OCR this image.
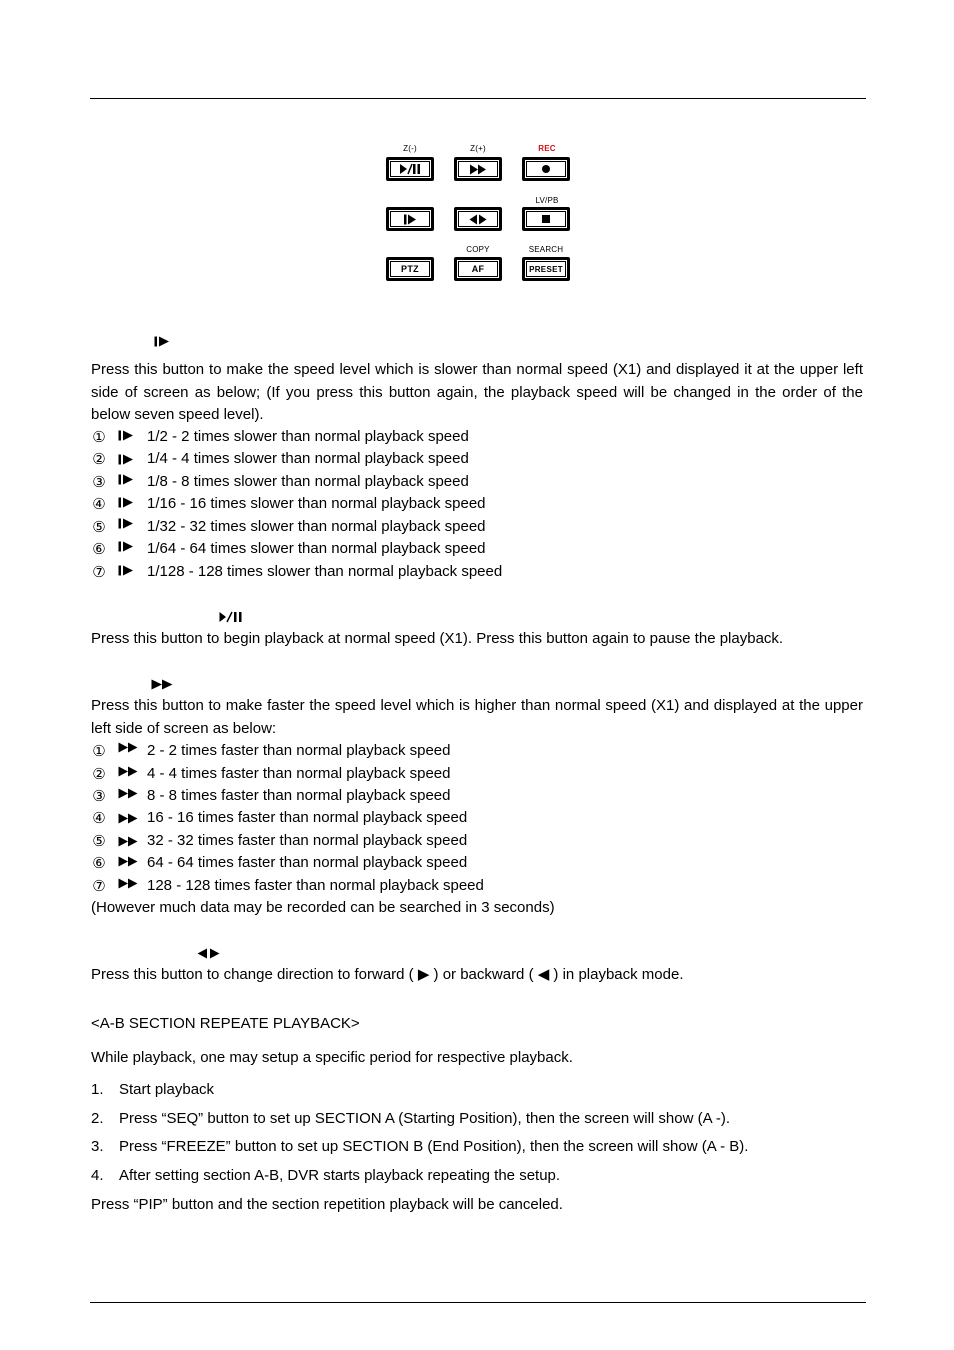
Z(-)	Z(+)	REC
LV/PB
PTZ
COPY
AF
SEARCH
PRESET

Press this button to make the speed level which is slower than normal speed (X1) and displayed it at the upper left side of screen as below; (If you press this button again, the playback speed will be changed in the order of the below seven speed level).

①	1/2 - 2 times slower than normal playback speed
②	1/4 - 4 times slower than normal playback speed
③	1/8 - 8 times slower than normal playback speed
④	1/16 - 16 times slower than normal playback speed
⑤	1/32 - 32 times slower than normal playback speed
⑥	1/64 - 64 times slower than normal playback speed
⑦	1/128 - 128 times slower than normal playback speed

Press this button to begin playback at normal speed (X1). Press this button again to pause the playback.

Press this button to make faster the speed level which is higher than normal speed (X1) and displayed at the upper left side of screen as below:

①	2 - 2 times faster than normal playback speed
②	4 - 4 times faster than normal playback speed
③	8 - 8 times faster than normal playback speed
④	16 - 16 times faster than normal playback speed
⑤	32 - 32 times faster than normal playback speed
⑥	64 - 64 times faster than normal playback speed
⑦	128 - 128 times faster than normal playback speed
(However much data may be recorded can be searched in 3 seconds)
Press this button to change direction to forward ( ▶ ) or backward ( ◀ ) in playback mode.
<A-B SECTION REPEATE PLAYBACK>
While playback, one may setup a specific period for respective playback.
1. Start playback
2. Press “SEQ” button to set up SECTION A (Starting Position), then the screen will show (A -).
3. Press “FREEZE” button to set up SECTION B (End Position), then the screen will show (A - B).
4. After setting section A-B, DVR starts playback repeating the setup.
Press “PIP” button and the section repetition playback will be canceled.
